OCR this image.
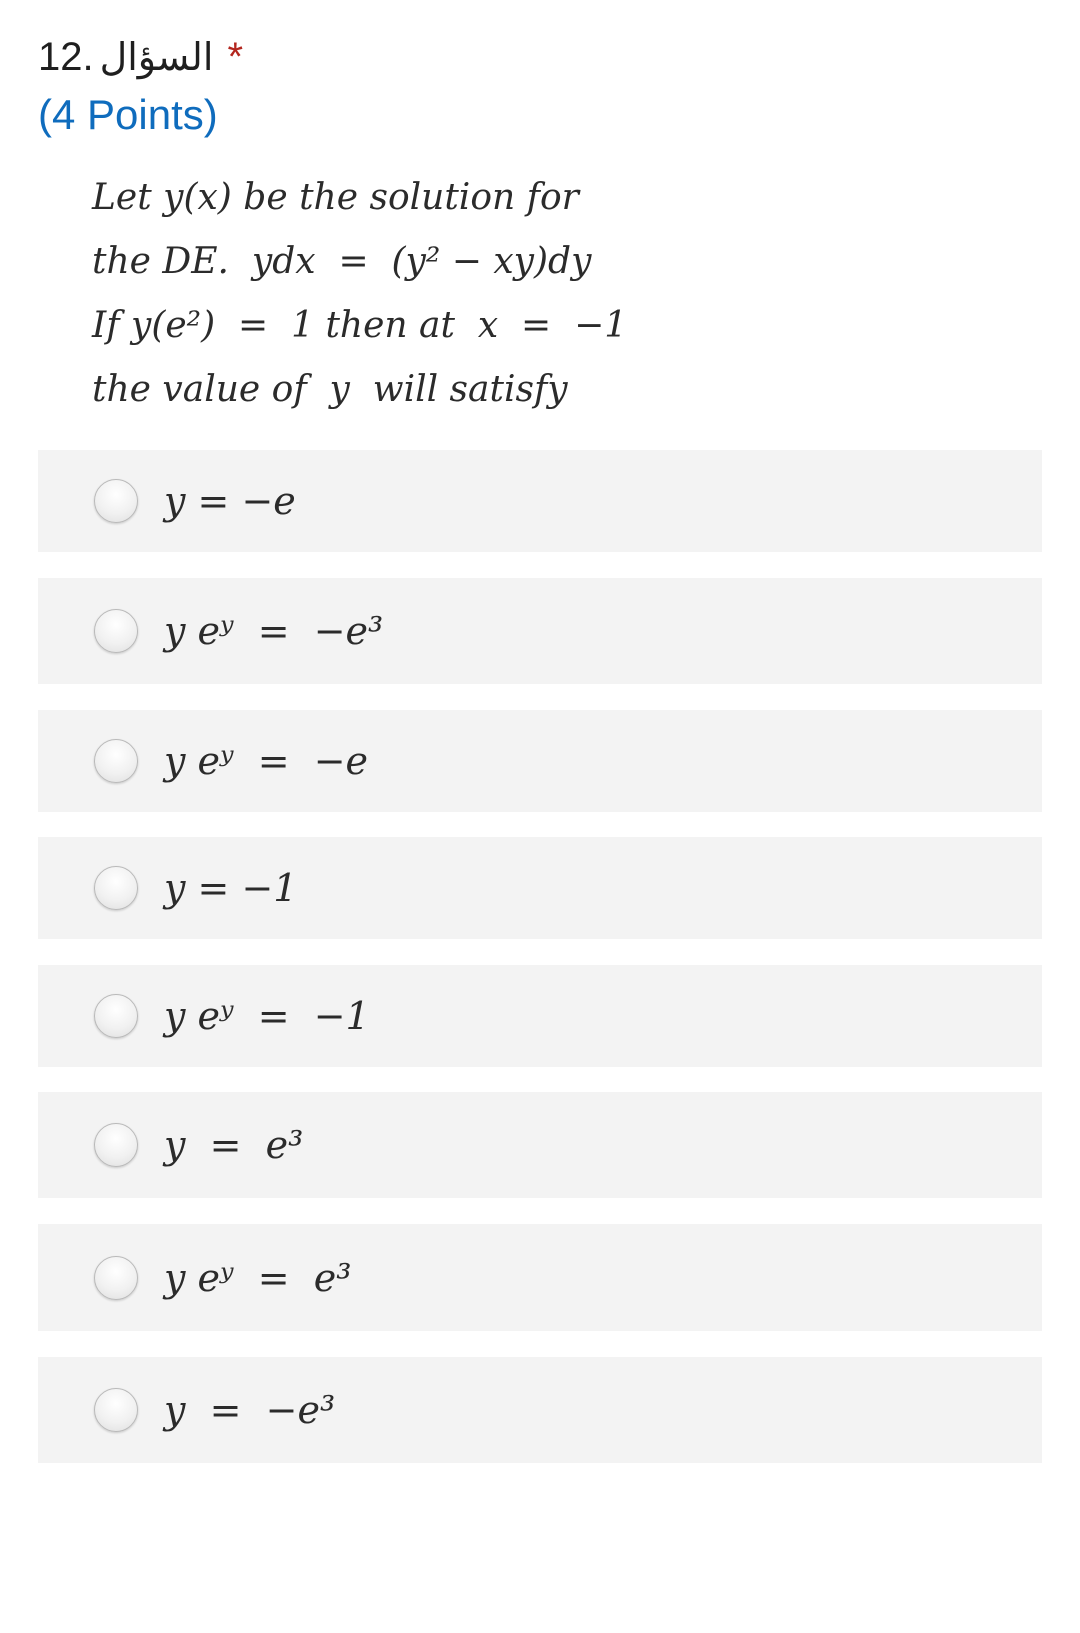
12. السؤال *
(4 Points)
Let y(x) be the solution for
the DE.  ydx  =  (y² − xy)dy
If y(e²)  =  1 then at  x  =  −1
the value of  y  will satisfy
y = −e
y eʸ  =  −e³
y eʸ  =  −e
y = −1
y eʸ  =  −1
y  =  e³
y eʸ  =  e³
y  =  −e³
